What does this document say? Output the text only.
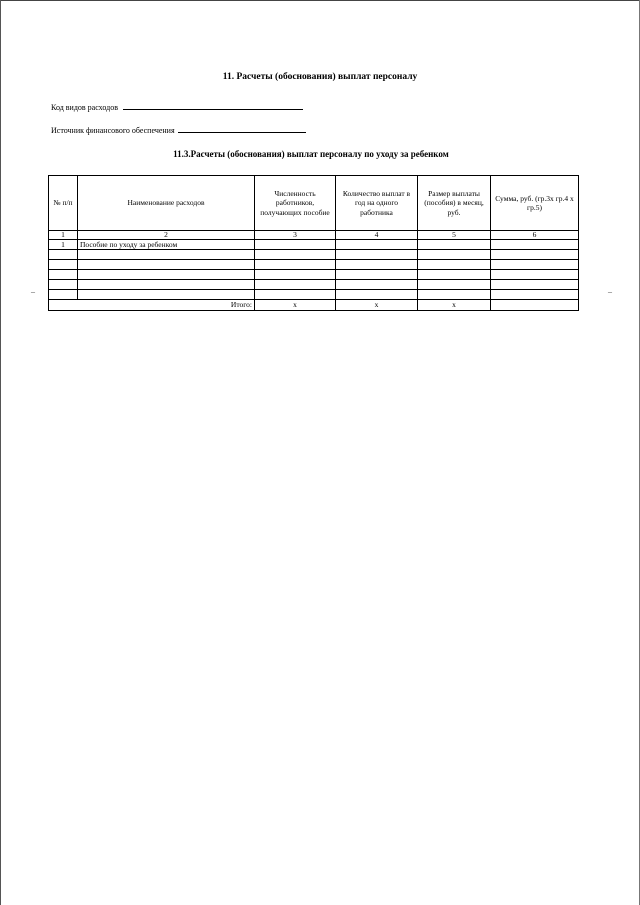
11. Расчеты (обоснования) выплат персоналу
Код видов расходов
Источник финансового обеспечения
11.3.Расчеты (обоснования) выплат персоналу по уходу за ребенком
№ п/п	Наименование расходов	Численность работников, получающих пособие	Количество выплат в год на одного работника	Размер выплаты (пособия) в месяц, руб.	Сумма, руб. (гр.3х гр.4 х гр.5)
1	2	3	4	5	6
1	Пособие по уходу за ребенком				

Итого:		x	x	x	
–	–
